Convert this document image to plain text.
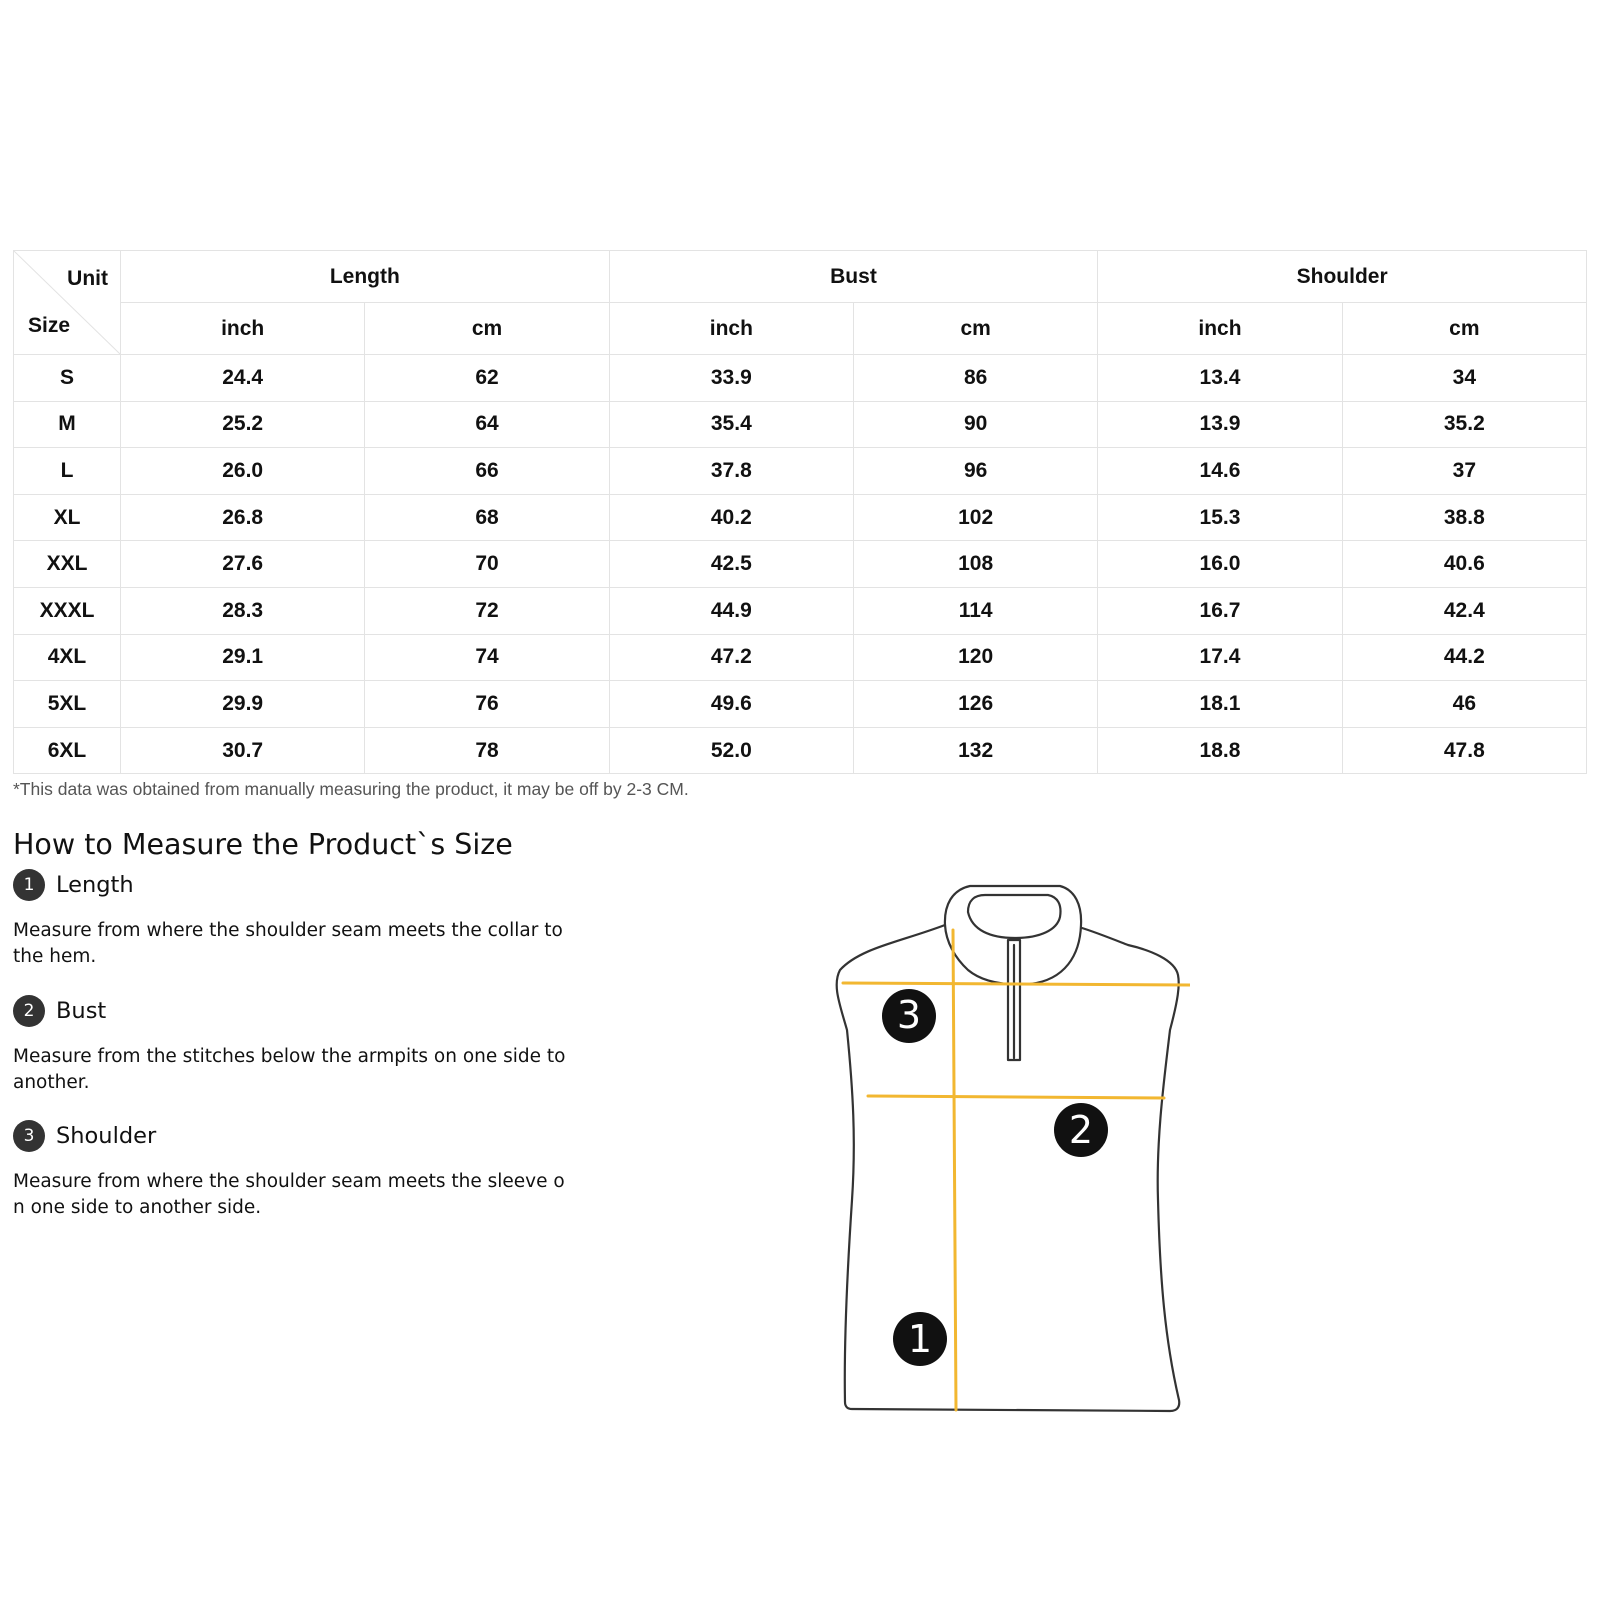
Unit
Size	Length		Bust		Shoulder	
	inch	cm	inch	cm	inch	cm
S	24.4	62	33.9	86	13.4	34
M	25.2	64	35.4	90	13.9	35.2
L	26.0	66	37.8	96	14.6	37
XL	26.8	68	40.2	102	15.3	38.8
XXL	27.6	70	42.5	108	16.0	40.6
XXXL	28.3	72	44.9	114	16.7	42.4
4XL	29.1	74	47.2	120	17.4	44.2
5XL	29.9	76	49.6	126	18.1	46
6XL	30.7	78	52.0	132	18.8	47.8
*This data was obtained from manually measuring the product, it may be off by 2-3 CM.
How to Measure the Product`s Size
1 Length
Measure from where the shoulder seam meets the collar to the hem.
2 Bust
Measure from the stitches below the armpits on one side to another.
3 Shoulder
Measure from where the shoulder seam meets the sleeve on one side to another side.
3
2
1
